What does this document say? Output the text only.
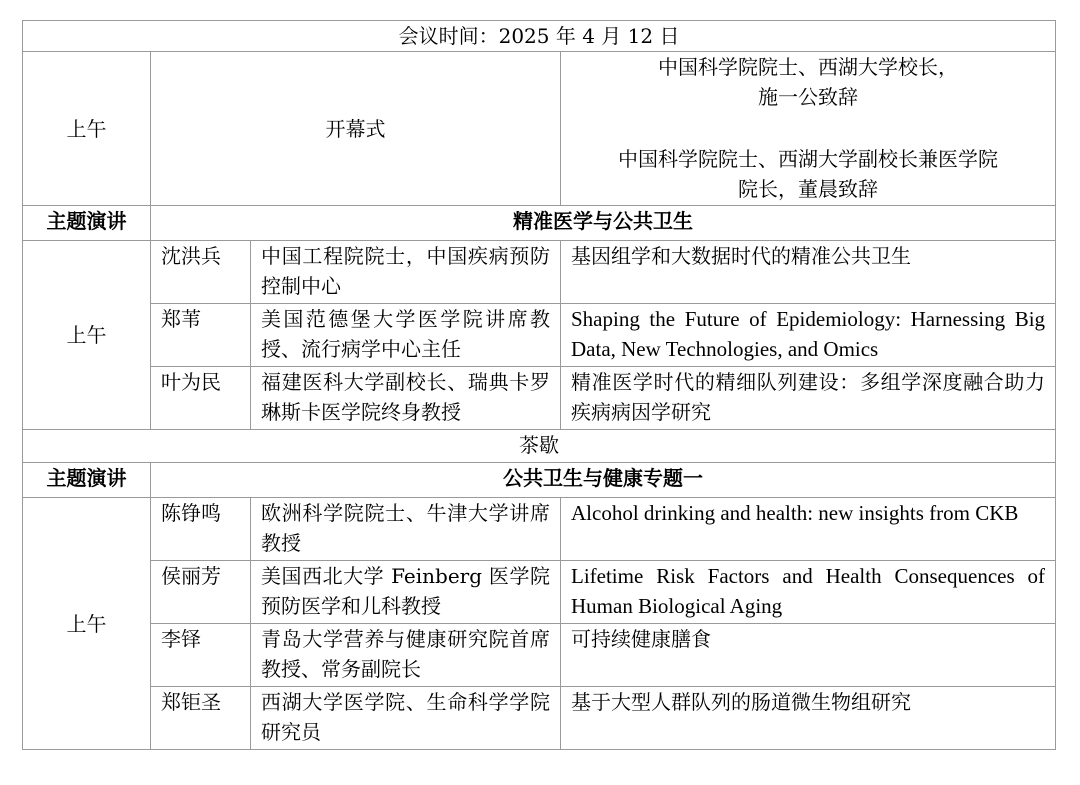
会议时间：2025 年 4 月 12 日			
上午	开幕式		中国科学院院士、西湖大学校长，
施一公致辞
中国科学院院士、西湖大学副校长兼医学院
院长，董晨致辞

主题演讲	精准医学与公共卫生		
上午	沈洪兵	中国工程院院士，中国疾病预防控制中心	基因组学和大数据时代的精准公共卫生
	郑苇	美国范德堡大学医学院讲席教授、流行病学中心主任	Shaping the Future of Epidemiology: Harnessing Big Data, New Technologies, and Omics
	叶为民	福建医科大学副校长、瑞典卡罗琳斯卡医学院终身教授	精准医学时代的精细队列建设：多组学深度融合助力疾病病因学研究
茶歇			
主题演讲	公共卫生与健康专题一		
上午	陈铮鸣	欧洲科学院院士、牛津大学讲席教授	Alcohol drinking and health: new insights from CKB
	侯丽芳	美国西北大学 Feinberg 医学院预防医学和儿科教授	Lifetime Risk Factors and Health Consequences of Human Biological Aging
	李铎	青岛大学营养与健康研究院首席教授、常务副院长	可持续健康膳食
	郑钜圣	西湖大学医学院、生命科学学院研究员	基于大型人群队列的肠道微生物组研究
